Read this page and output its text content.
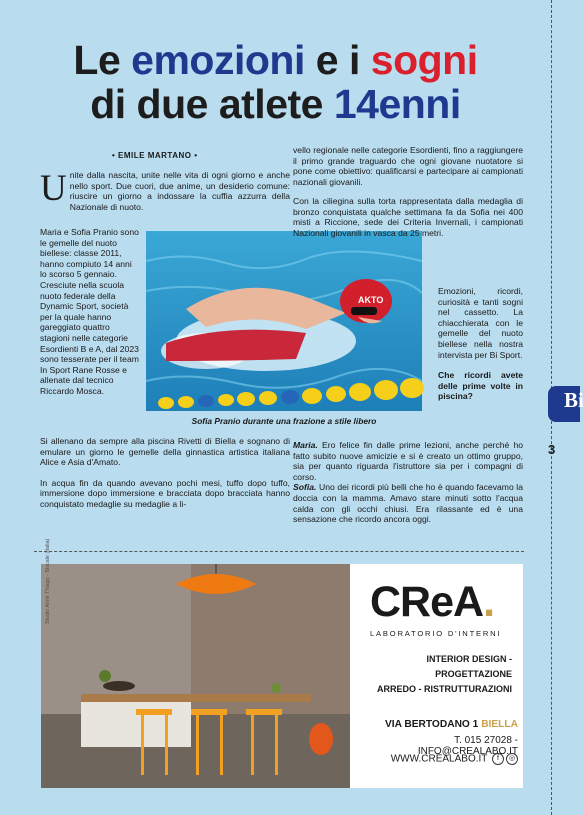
Le emozioni e i sogni
di due atlete 14enni
• EMILE MARTANO •
Unite dalla nascita, unite nelle vita di ogni giorno e anche nello sport. Due cuori, due anime, un desiderio comune: riuscire un giorno a indossare la cuffia azzurra della Nazionale di nuoto.

Maria e Sofia Pranio sono le gemelle del nuoto biellese: classe 2011, hanno compiuto 14 anni lo scorso 5 gennaio. Cresciute nella scuola nuoto federale della Dynamic Sport, società per la quale hanno gareggiato quattro stagioni nelle categorie Esordienti B e A, dal 2023 sono tesserate per il team In Sport Rane Rosse e allenate dal tecnico Riccardo Mosca.

Si allenano da sempre alla piscina Rivetti di Biella e sognano di emulare un giorno le gemelle della ginnastica artistica italiana Alice e Asia d'Amato.

In acqua fin da quando avevano pochi mesi, tuffo dopo tuffo, immersione dopo immersione e bracciata dopo bracciata hanno conquistato medaglie su medaglie a li-

AKTO
Sofia Pranio durante una frazione a stile libero

vello regionale nelle categorie Esordienti, fino a raggiungere il primo grande traguardo che ogni giovane nuotatore si pone come obiettivo: qualificarsi e partecipare ai campionati nazionali giovanili.

Con la ciliegina sulla torta rappresentata dalla medaglia di bronzo conquistata qualche settimana fa da Sofia nei 400 misti a Riccione, sede dei Criteria Invernali, i campionati Nazionali giovanili in vasca da 25 metri.

Emozioni, ricordi, curiosità e tanti sogni nel cassetto. La chiacchierata con le gemelle del nuoto biellese nella nostra intervista per Bi Sport.

Che ricordi avete delle prime volte in piscina?

Maria. Ero felice fin dalle prime lezioni, anche perché ho fatto subito nuove amicizie e si è creato un ottimo gruppo, sia per quanto riguarda l'istruttore sia per i compagni di corso.

Sofia. Uno dei ricordi più belli che ho è quando facevamo la doccia con la mamma. Amavo stare minuti sotto l'acqua calda con gli occhi chiusi. Era rilassante ed è una sensazione che ricordo ancora oggi.

Studio Aime Thiago - Biscale (Italia)	CReA.
LABORATORIO D'INTERNI
INTERIOR DESIGN - PROGETTAZIONE
ARREDO - RISTRUTTURAZIONI
VIA BERTODANO 1 BIELLA
T. 015 27028 - INFO@CREALABO.IT
WWW.CREALABO.IT f ◎
Bi
3
